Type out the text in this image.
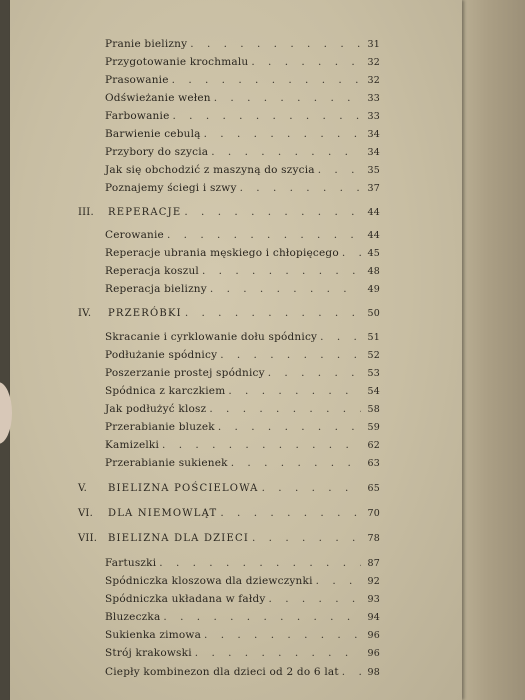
Pranie bielizny . . .	31
Przygotowanie krochmalu . . .	32
Prasowanie . . .	32
Odświeżanie wełen . . .	33
Farbowanie . . .	33
Barwienie cebulą . . .	34
Przybory do szycia . . .	34
Jak się obchodzić z maszyną do szycia . . .	35
Poznajemy ściegi i szwy . . .	37
III.	REPERACJE . . .	44
Cerowanie . . .	44
Reperacje ubrania męskiego i chłopięcego . . .	45
Reperacja koszul . . .	48
Reperacja bielizny . . .	49
IV.	PRZERÓBKI . . .	50
Skracanie i cyrklowanie dołu spódnicy . . .	51
Podłużanie spódnicy . . .	52
Poszerzanie prostej spódnicy . . .	53
Spódnica z karczkiem . . .	54
Jak podłużyć klosz . . .	58
Przerabianie bluzek . . .	59
Kamizelki . . .	62
Przerabianie sukienek . . .	63
V.	BIELIZNA POŚCIELOWA . . .	65
VI.	DLA NIEMOWLĄT . . .	70
VII.	BIELIZNA DLA DZIECI . . .	78
Fartuszki . . .	87
Spódniczka kloszowa dla dziewczynki . . .	92
Spódniczka układana w fałdy . . .	93
Bluzeczka . . .	94
Sukienka zimowa . . .	96
Strój krakowski . . .	96
Ciepły kombinezon dla dzieci od 2 do 6 lat . . .	98
